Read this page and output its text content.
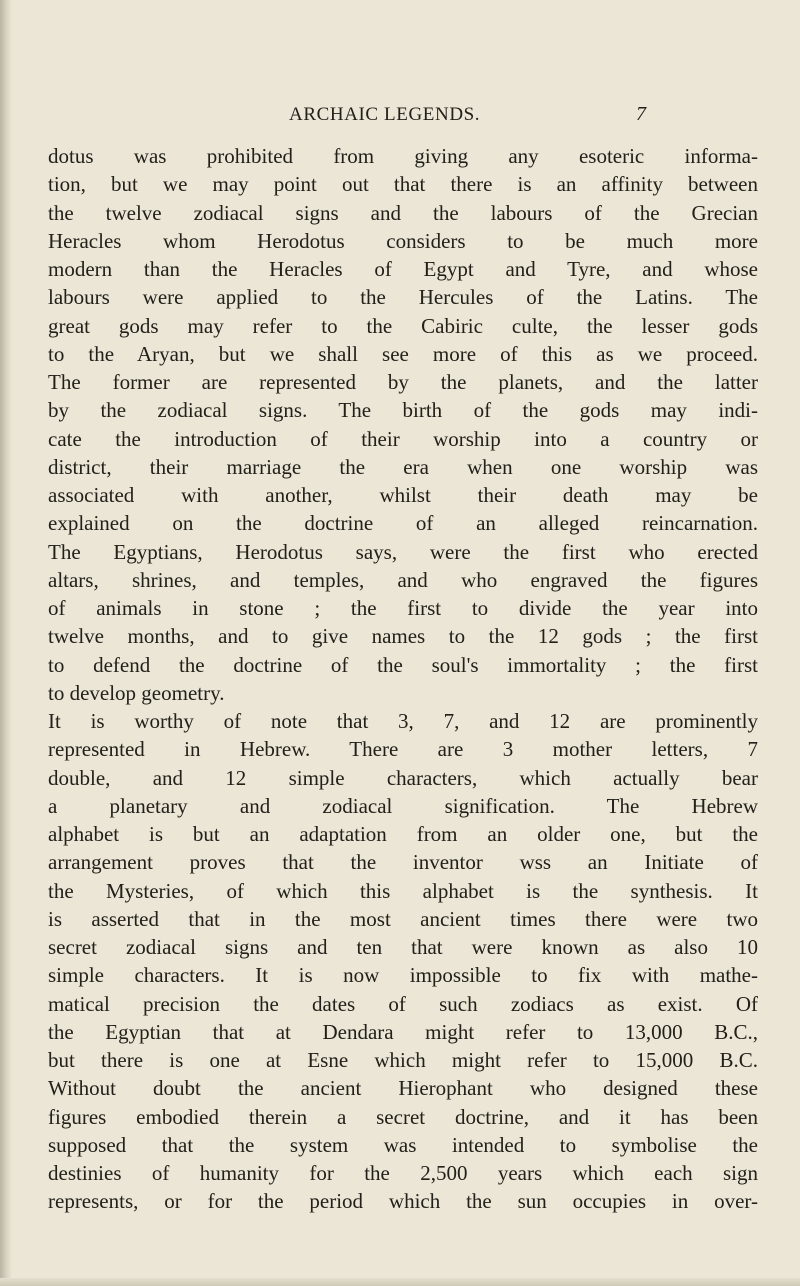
ARCHAIC LEGENDS.	7
dotus was prohibited from giving any esoteric informa-
tion, but we may point out that there is an affinity between
the twelve zodiacal signs and the labours of the Grecian
Heracles whom Herodotus considers to be much more
modern than the Heracles of Egypt and Tyre, and whose
labours were applied to the Hercules of the Latins. The
great gods may refer to the Cabiric culte, the lesser gods
to the Aryan, but we shall see more of this as we proceed.
The former are represented by the planets, and the latter
by the zodiacal signs. The birth of the gods may indi-
cate the introduction of their worship into a country or
district, their marriage the era when one worship was
associated with another, whilst their death may be
explained on the doctrine of an alleged reincarnation.
The Egyptians, Herodotus says, were the first who erected
altars, shrines, and temples, and who engraved the figures
of animals in stone ; the first to divide the year into
twelve months, and to give names to the 12 gods ; the first
to defend the doctrine of the soul's immortality ; the first
to develop geometry.
It is worthy of note that 3, 7, and 12 are prominently
represented in Hebrew. There are 3 mother letters, 7
double, and 12 simple characters, which actually bear
a planetary and zodiacal signification. The Hebrew
alphabet is but an adaptation from an older one, but the
arrangement proves that the inventor wss an Initiate of
the Mysteries, of which this alphabet is the synthesis. It
is asserted that in the most ancient times there were two
secret zodiacal signs and ten that were known as also 10
simple characters. It is now impossible to fix with mathe-
matical precision the dates of such zodiacs as exist. Of
the Egyptian that at Dendara might refer to 13,000 B.C.,
but there is one at Esne which might refer to 15,000 B.C.
Without doubt the ancient Hierophant who designed these
figures embodied therein a secret doctrine, and it has been
supposed that the system was intended to symbolise the
destinies of humanity for the 2,500 years which each sign
represents, or for the period which the sun occupies in over-
